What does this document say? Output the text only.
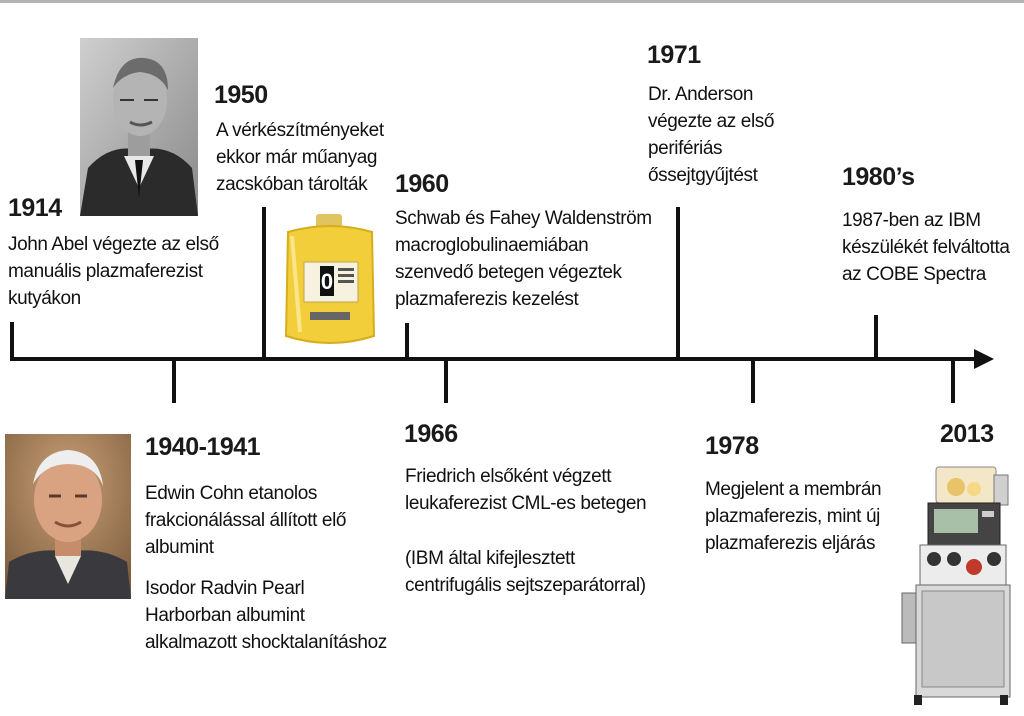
1914
John Abel végezte az első
manuális plazmaferezist
kutyákon
1950
A vérkészítményeket
ekkor már műanyag
zacskóban tárolták	1960
Schwab és Fahey Waldenström
macroglobulinaemiában
szenvedő betegen végeztek
plazmaferezis kezelést
1971
Dr. Anderson
végezte az első
perifériás
őssejtgyűjtést	1980’s
1987-ben az IBM
készülékét felváltotta
az COBE Spectra
1940-1941
Edwin Cohn etanolos
frakcionálással állított elő
albumint
Isodor Radvin Pearl
Harborban albumint
alkalmazott shocktalanításhoz
1966
Friedrich elsőként végzett
leukaferezist CML-es betegen
(IBM által kifejlesztett
centrifugális sejtszeparátorral)
1978
Megjelent a membrán
plazmaferezis, mint új
plazmaferezis eljárás
2013
0
